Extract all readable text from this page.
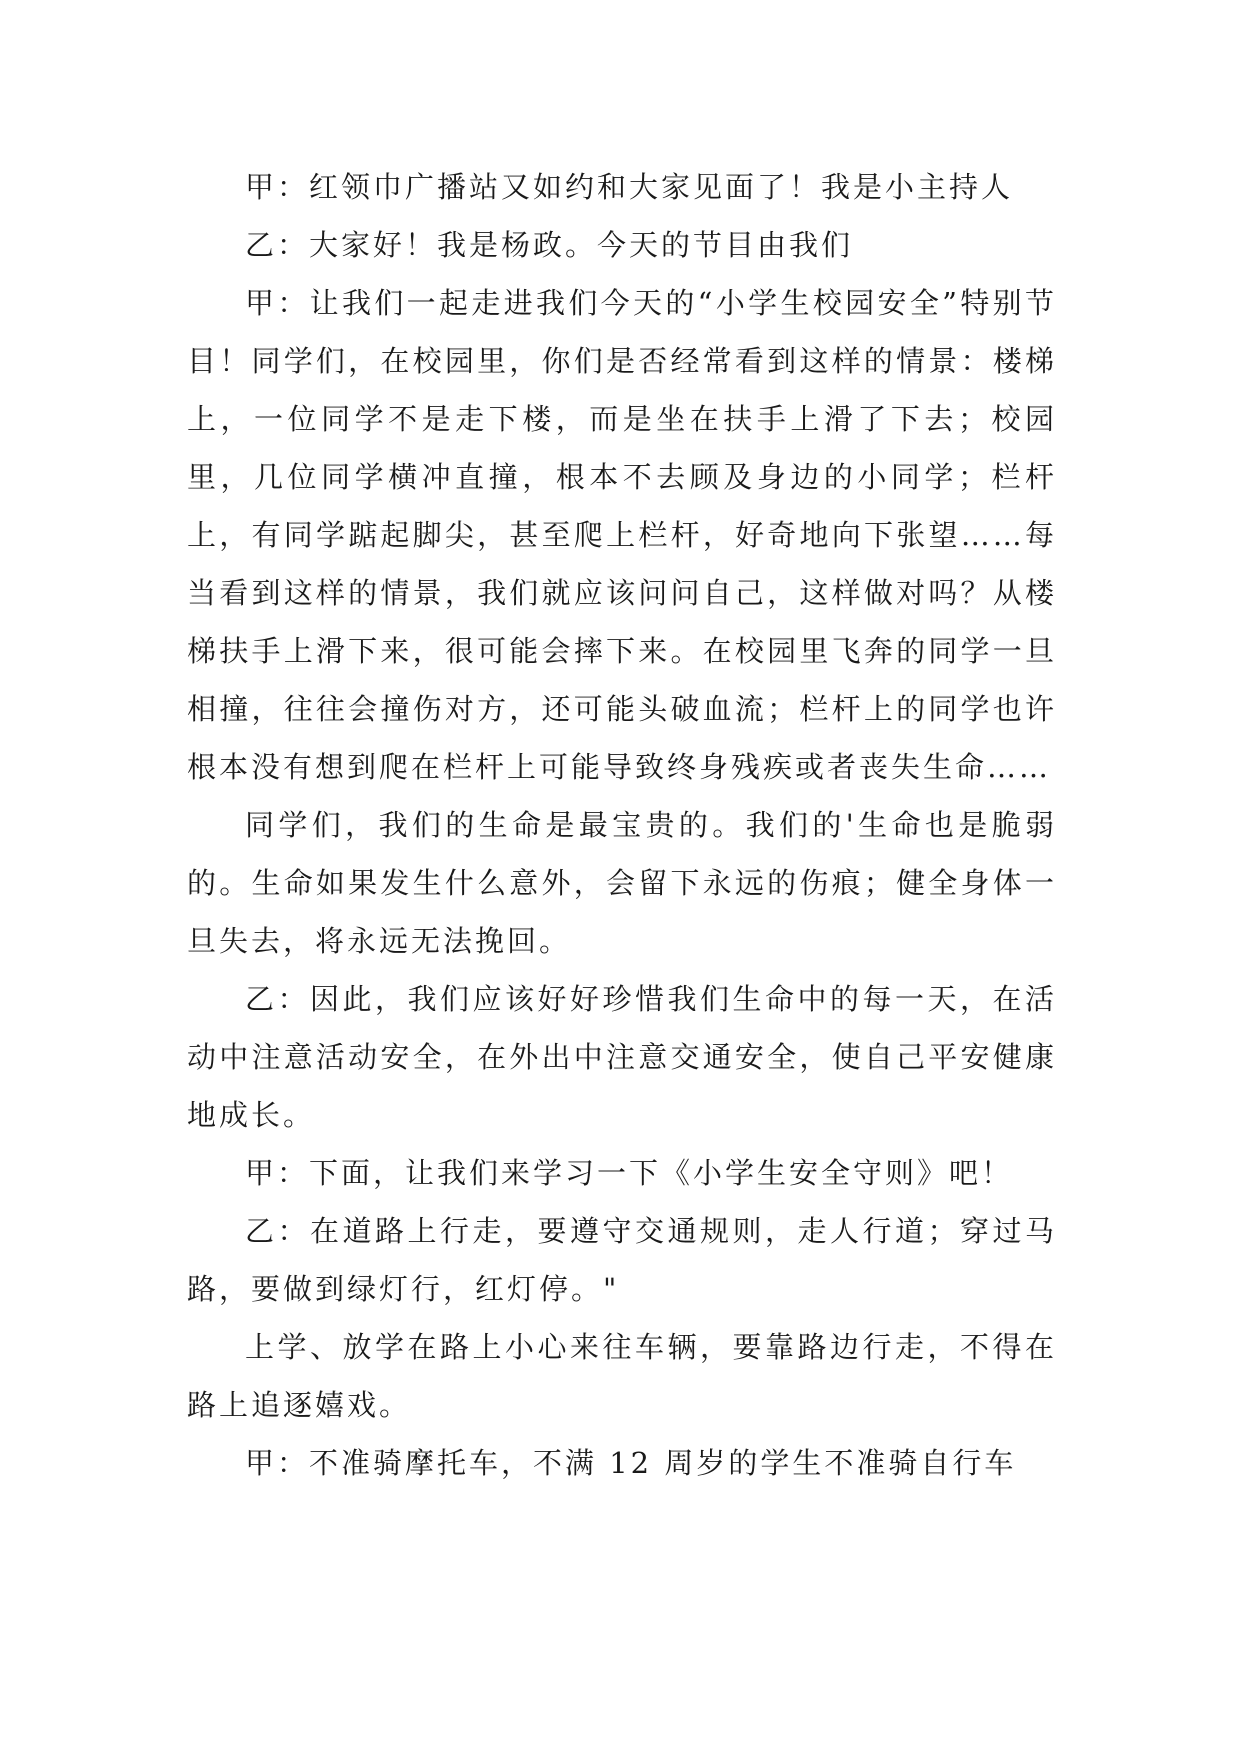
甲：红领巾广播站又如约和大家见面了！我是小主持人

乙：大家好！我是杨政。今天的节目由我们

甲：让我们一起走进我们今天的“小学生校园安全”特别节目！同学们，在校园里，你们是否经常看到这样的情景：楼梯上，一位同学不是走下楼，而是坐在扶手上滑了下去；校园里，几位同学横冲直撞，根本不去顾及身边的小同学；栏杆上，有同学踮起脚尖，甚至爬上栏杆，好奇地向下张望……每当看到这样的情景，我们就应该问问自己，这样做对吗？从楼梯扶手上滑下来，很可能会摔下来。在校园里飞奔的同学一旦相撞，往往会撞伤对方，还可能头破血流；栏杆上的同学也许根本没有想到爬在栏杆上可能导致终身残疾或者丧失生命……

同学们，我们的生命是最宝贵的。我们的'生命也是脆弱的。生命如果发生什么意外，会留下永远的伤痕；健全身体一旦失去，将永远无法挽回。

乙：因此，我们应该好好珍惜我们生命中的每一天，在活动中注意活动安全，在外出中注意交通安全，使自己平安健康地成长。

甲：下面，让我们来学习一下《小学生安全守则》吧！

乙：在道路上行走，要遵守交通规则，走人行道；穿过马路，要做到绿灯行，红灯停。"

上学、放学在路上小心来往车辆，要靠路边行走，不得在路上追逐嬉戏。

甲：不准骑摩托车，不满 12 周岁的学生不准骑自行车
